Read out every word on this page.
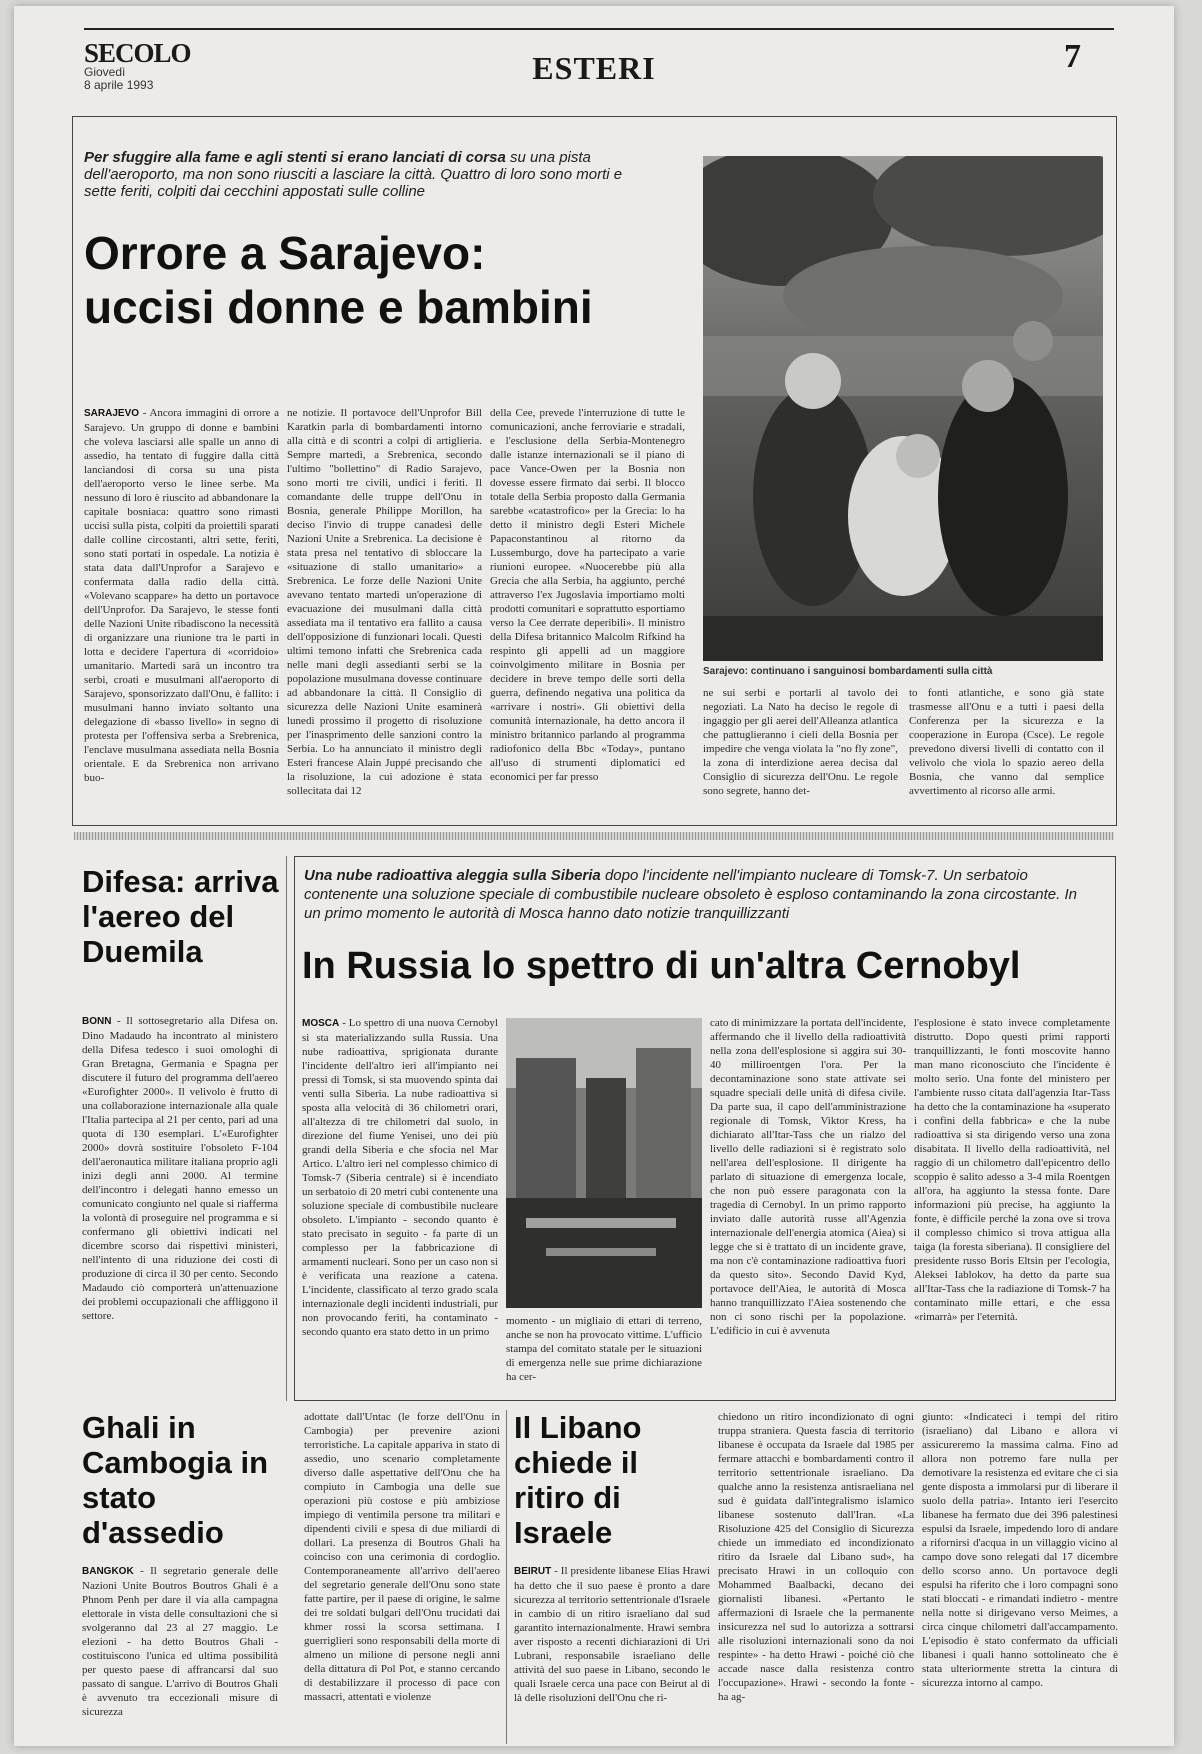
SECOLO
Giovedì
8 aprile 1993	ESTERI	7
Per sfuggire alla fame e agli stenti si erano lanciati di corsa su una pista dell'aeroporto, ma non sono riusciti a lasciare la città. Quattro di loro sono morti e sette feriti, colpiti dai cecchini appostati sulle colline
Orrore a Sarajevo:
uccisi donne e bambini
Sarajevo: continuano i sanguinosi bombardamenti sulla città
SARAJEVO - Ancora immagini di orrore a Sarajevo. Un gruppo di donne e bambini che voleva lasciarsi alle spalle un anno di assedio, ha tentato di fuggire dalla città lanciandosi di corsa su una pista dell'aeroporto verso le linee serbe. Ma nessuno di loro è riuscito ad abbandonare la capitale bosniaca: quattro sono rimasti uccisi sulla pista, colpiti da proiettili sparati dalle colline circostanti, altri sette, feriti, sono stati portati in ospedale. La notizia è stata data dall'Unprofor a Sarajevo e confermata dalla radio della città. «Volevano scappare» ha detto un portavoce dell'Unprofor. Da Sarajevo, le stesse fonti delle Nazioni Unite ribadiscono la necessità di organizzare una riunione tra le parti in lotta e decidere l'apertura di «corridoio» umanitario. Martedì sarà un incontro tra serbi, croati e musulmani all'aeroporto di Sarajevo, sponsorizzato dall'Onu, è fallito: i musulmani hanno inviato soltanto una delegazione di «basso livello» in segno di protesta per l'offensiva serba a Srebrenica, l'enclave musulmana assediata nella Bosnia orientale. E da Srebrenica non arrivano buo-
ne notizie. Il portavoce dell'Unprofor Bill Karatkin parla di bombardamenti intorno alla città e di scontri a colpi di artiglieria. Sempre martedì, a Srebrenica, secondo l'ultimo "bollettino" di Radio Sarajevo, sono morti tre civili, undici i feriti. Il comandante delle truppe dell'Onu in Bosnia, generale Philippe Morillon, ha deciso l'invio di truppe canadesi delle Nazioni Unite a Srebrenica. La decisione è stata presa nel tentativo di sbloccare la «situazione di stallo umanitario» a Srebrenica. Le forze delle Nazioni Unite avevano tentato martedì un'operazione di evacuazione dei musulmani dalla città assediata ma il tentativo era fallito a causa dell'opposizione di funzionari locali. Questi ultimi temono infatti che Srebrenica cada nelle mani degli assedianti serbi se la popolazione musulmana dovesse continuare ad abbandonare la città. Il Consiglio di sicurezza delle Nazioni Unite esaminerà lunedì prossimo il progetto di risoluzione per l'inasprimento delle sanzioni contro la Serbia. Lo ha annunciato il ministro degli Esteri francese Alain Juppé precisando che la risoluzione, la cui adozione è stata sollecitata dai 12
della Cee, prevede l'interruzione di tutte le comunicazioni, anche ferroviarie e stradali, e l'esclusione della Serbia-Montenegro dalle istanze internazionali se il piano di pace Vance-Owen per la Bosnia non dovesse essere firmato dai serbi. Il blocco totale della Serbia proposto dalla Germania sarebbe «catastrofico» per la Grecia: lo ha detto il ministro degli Esteri Michele Papaconstantinou al ritorno da Lussemburgo, dove ha partecipato a varie riunioni europee. «Nuocerebbe più alla Grecia che alla Serbia, ha aggiunto, perché attraverso l'ex Jugoslavia importiamo molti prodotti comunitari e soprattutto esportiamo verso la Cee derrate deperibili». Il ministro della Difesa britannico Malcolm Rifkind ha respinto gli appelli ad un maggiore coinvolgimento militare in Bosnia per decidere in breve tempo delle sorti della guerra, definendo negativa una politica da «arrivare i nostri». Gli obiettivi della comunità internazionale, ha detto ancora il ministro britannico parlando al programma radiofonico della Bbc «Today», puntano all'uso di strumenti diplomatici ed economici per far presso
ne sui serbi e portarli al tavolo dei negoziati. La Nato ha deciso le regole di ingaggio per gli aerei dell'Alleanza atlantica che pattuglieranno i cieli della Bosnia per impedire che venga violata la "no fly zone", la zona di interdizione aerea decisa dal Consiglio di sicurezza dell'Onu. Le regole sono segrete, hanno det-
to fonti atlantiche, e sono già state trasmesse all'Onu e a tutti i paesi della Conferenza per la sicurezza e la cooperazione in Europa (Csce). Le regole prevedono diversi livelli di contatto con il velivolo che viola lo spazio aereo della Bosnia, che vanno dal semplice avvertimento al ricorso alle armi.
Difesa: arriva l'aereo del Duemila
BONN - Il sottosegretario alla Difesa on. Dino Madaudo ha incontrato al ministero della Difesa tedesco i suoi omologhi di Gran Bretagna, Germania e Spagna per discutere il futuro del programma dell'aereo «Eurofighter 2000». Il velivolo è frutto di una collaborazione internazionale alla quale l'Italia partecipa al 21 per cento, pari ad una quota di 130 esemplari. L'«Eurofighter 2000» dovrà sostituire l'obsoleto F-104 dell'aeronautica militare italiana proprio agli inizi degli anni 2000. Al termine dell'incontro i delegati hanno emesso un comunicato congiunto nel quale si riafferma la volontà di proseguire nel programma e si confermano gli obiettivi indicati nel dicembre scorso dai rispettivi ministeri, nell'intento di una riduzione dei costi di produzione di circa il 30 per cento. Secondo Madaudo ciò comporterà un'attenuazione dei problemi occupazionali che affliggono il settore.
Una nube radioattiva aleggia sulla Siberia dopo l'incidente nell'impianto nucleare di Tomsk-7. Un serbatoio contenente una soluzione speciale di combustibile nucleare obsoleto è esploso contaminando la zona circostante. In un primo momento le autorità di Mosca hanno dato notizie tranquillizzanti
In Russia lo spettro di un'altra Cernobyl
MOSCA - Lo spettro di una nuova Cernobyl si sta materializzando sulla Russia. Una nube radioattiva, sprigionata durante l'incidente dell'altro ieri all'impianto nei pressi di Tomsk, si sta muovendo spinta dai venti sulla Siberia. La nube radioattiva si sposta alla velocità di 36 chilometri orari, all'altezza di tre chilometri dal suolo, in direzione del fiume Yenisei, uno dei più grandi della Siberia e che sfocia nel Mar Artico. L'altro ieri nel complesso chimico di Tomsk-7 (Siberia centrale) si è incendiato un serbatoio di 20 metri cubi contenente una soluzione speciale di combustibile nucleare obsoleto. L'impianto - secondo quanto è stato precisato in seguito - fa parte di un complesso per la fabbricazione di armamenti nucleari. Sono per un caso non si è verificata una reazione a catena. L'incidente, classificato al terzo grado scala internazionale degli incidenti industriali, pur non provocando feriti, ha contaminato - secondo quanto era stato detto in un primo
momento - un migliaio di ettari di terreno, anche se non ha provocato vittime. L'ufficio stampa del comitato statale per le situazioni di emergenza nelle sue prime dichiarazione ha cer-
cato di minimizzare la portata dell'incidente, affermando che il livello della radioattività nella zona dell'esplosione si aggira sui 30-40 milliroentgen l'ora. Per la decontaminazione sono state attivate sei squadre speciali delle unità di difesa civile. Da parte sua, il capo dell'amministrazione regionale di Tomsk, Viktor Kress, ha dichiarato all'Itar-Tass che un rialzo del livello delle radiazioni si è registrato solo nell'area dell'esplosione. Il dirigente ha parlato di situazione di emergenza locale, che non può essere paragonata con la tragedia di Cernobyl. In un primo rapporto inviato dalle autorità russe all'Agenzia internazionale dell'energia atomica (Aiea) si legge che si è trattato di un incidente grave, ma non c'è contaminazione radioattiva fuori da questo sito». Secondo David Kyd, portavoce dell'Aiea, le autorità di Mosca hanno tranquillizzato l'Aiea sostenendo che non ci sono rischi per la popolazione. L'edificio in cui è avvenuta
l'esplosione è stato invece completamente distrutto. Dopo questi primi rapporti tranquillizzanti, le fonti moscovite hanno man mano riconosciuto che l'incidente è molto serio. Una fonte del ministero per l'ambiente russo citata dall'agenzia Itar-Tass ha detto che la contaminazione ha «superato i confini della fabbrica» e che la nube radioattiva si sta dirigendo verso una zona disabitata. Il livello della radioattività, nel raggio di un chilometro dall'epicentro dello scoppio è salito adesso a 3-4 mila Roentgen all'ora, ha aggiunto la stessa fonte. Dare informazioni più precise, ha aggiunto la fonte, è difficile perché la zona ove si trova il complesso chimico si trova attigua alla taiga (la foresta siberiana). Il consigliere del presidente russo Boris Eltsin per l'ecologia, Aleksei Iablokov, ha detto da parte sua all'Itar-Tass che la radiazione di Tomsk-7 ha contaminato mille ettari, e che essa «rimarrà» per l'eternità.
Ghali in Cambogia in stato d'assedio
BANGKOK - Il segretario generale delle Nazioni Unite Boutros Boutros Ghali è a Phnom Penh per dare il via alla campagna elettorale in vista delle consultazioni che si svolgeranno dal 23 al 27 maggio. Le elezioni - ha detto Boutros Ghali - costituiscono l'unica ed ultima possibilità per questo paese di affrancarsi dal suo passato di sangue. L'arrivo di Boutros Ghali è avvenuto tra eccezionali misure di sicurezza
adottate dall'Untac (le forze dell'Onu in Cambogia) per prevenire azioni terroristiche. La capitale appariva in stato di assedio, uno scenario completamente diverso dalle aspettative dell'Onu che ha compiuto in Cambogia una delle sue operazioni più costose e più ambiziose impiego di ventimila persone tra militari e dipendenti civili e spesa di due miliardi di dollari. La presenza di Boutros Ghali ha coinciso con una cerimonia di cordoglio. Contemporaneamente all'arrivo dell'aereo del segretario generale dell'Onu sono state fatte partire, per il paese di origine, le salme dei tre soldati bulgari dell'Onu trucidati dai khmer rossi la scorsa settimana. I guerriglieri sono responsabili della morte di almeno un milione di persone negli anni della dittatura di Pol Pot, e stanno cercando di destabilizzare il processo di pace con massacri, attentati e violenze
Il Libano chiede il ritiro di Israele
BEIRUT - Il presidente libanese Elias Hrawi ha detto che il suo paese è pronto a dare sicurezza al territorio settentrionale d'Israele in cambio di un ritiro israeliano dal sud garantito internazionalmente. Hrawi sembra aver risposto a recenti dichiarazioni di Uri Lubrani, responsabile israeliano delle attività del suo paese in Libano, secondo le quali Israele cerca una pace con Beirut al di là delle risoluzioni dell'Onu che ri-
chiedono un ritiro incondizionato di ogni truppa straniera. Questa fascia di territorio libanese è occupata da Israele dal 1985 per fermare attacchi e bombardamenti contro il territorio settentrionale israeliano. Da qualche anno la resistenza antisraeliana nel sud è guidata dall'integralismo islamico libanese sostenuto dall'Iran. «La Risoluzione 425 del Consiglio di Sicurezza chiede un immediato ed incondizionato ritiro da Israele dal Libano sud», ha precisato Hrawi in un colloquio con Mohammed Baalbacki, decano dei giornalisti libanesi. «Pertanto le affermazioni di Israele che la permanente insicurezza nel sud lo autorizza a sottrarsi alle risoluzioni internazionali sono da noi respinte» - ha detto Hrawi - poiché ciò che accade nasce dalla resistenza contro l'occupazione». Hrawi - secondo la fonte - ha ag-
giunto: «Indicateci i tempi del ritiro (israeliano) dal Libano e allora vi assicureremo la massima calma. Fino ad allora non potremo fare nulla per demotivare la resistenza ed evitare che ci sia gente disposta a immolarsi pur di liberare il suolo della patria». Intanto ieri l'esercito libanese ha fermato due dei 396 palestinesi espulsi da Israele, impedendo loro di andare a rifornirsi d'acqua in un villaggio vicino al campo dove sono relegati dal 17 dicembre dello scorso anno. Un portavoce degli espulsi ha riferito che i loro compagni sono stati bloccati - e rimandati indietro - mentre nella notte si dirigevano verso Meimes, a circa cinque chilometri dall'accampamento. L'episodio è stato confermato da ufficiali libanesi i quali hanno sottolineato che è stata ulteriormente stretta la cintura di sicurezza intorno al campo.
